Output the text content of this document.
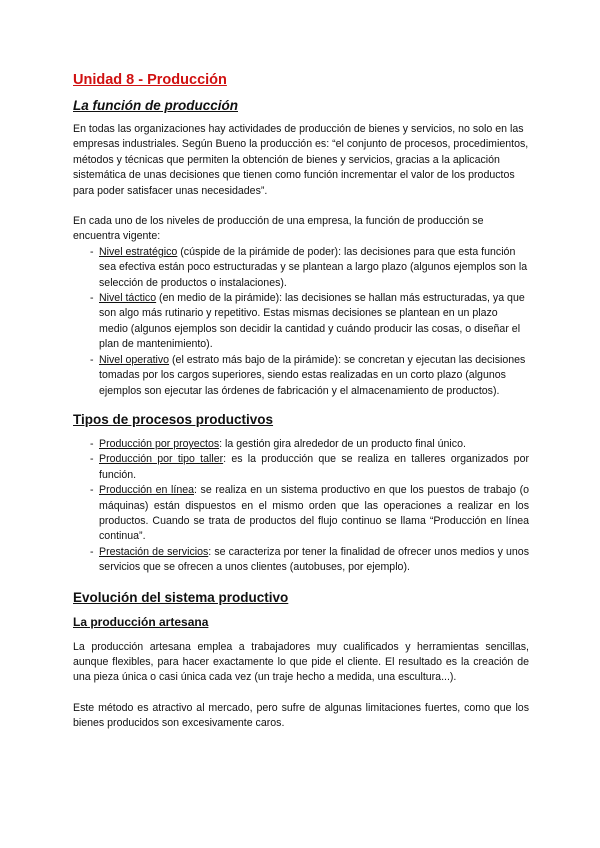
Unidad 8 - Producción
La función de producción

En todas las organizaciones hay actividades de producción de bienes y servicios, no solo en las empresas industriales. Según Bueno la producción es: “el conjunto de procesos, procedimientos, métodos y técnicas que permiten la obtención de bienes y servicios, gracias a la aplicación sistemática de unas decisiones que tienen como función incrementar el valor de los productos para poder satisfacer unas necesidades”.

En cada uno de los niveles de producción de una empresa, la función de producción se encuentra vigente:

- Nivel estratégico (cúspide de la pirámide de poder): las decisiones para que esta función sea efectiva están poco estructuradas y se plantean a largo plazo (algunos ejemplos son la selección de productos o instalaciones).
- Nivel táctico (en medio de la pirámide): las decisiones se hallan más estructuradas, ya que son algo más rutinario y repetitivo. Estas mismas decisiones se plantean en un plazo medio (algunos ejemplos son decidir la cantidad y cuándo producir las cosas, o diseñar el plan de mantenimiento).
- Nivel operativo (el estrato más bajo de la pirámide): se concretan y ejecutan las decisiones tomadas por los cargos superiores, siendo estas realizadas en un corto plazo (algunos ejemplos son ejecutar las órdenes de fabricación y el almacenamiento de productos).
Tipos de procesos productivos
- Producción por proyectos: la gestión gira alrededor de un producto final único.
- Producción por tipo taller: es la producción que se realiza en talleres organizados por función.
- Producción en línea: se realiza en un sistema productivo en que los puestos de trabajo (o máquinas) están dispuestos en el mismo orden que las operaciones a realizar en los productos. Cuando se trata de productos del flujo continuo se llama “Producción en línea continua”.
- Prestación de servicios: se caracteriza por tener la finalidad de ofrecer unos medios y unos servicios que se ofrecen a unos clientes (autobuses, por ejemplo).
Evolución del sistema productivo
La producción artesana

La producción artesana emplea a trabajadores muy cualificados y herramientas sencillas, aunque flexibles, para hacer exactamente lo que pide el cliente. El resultado es la creación de una pieza única o casi única cada vez (un traje hecho a medida, una escultura...).

Este método es atractivo al mercado, pero sufre de algunas limitaciones fuertes, como que los bienes producidos son excesivamente caros.
